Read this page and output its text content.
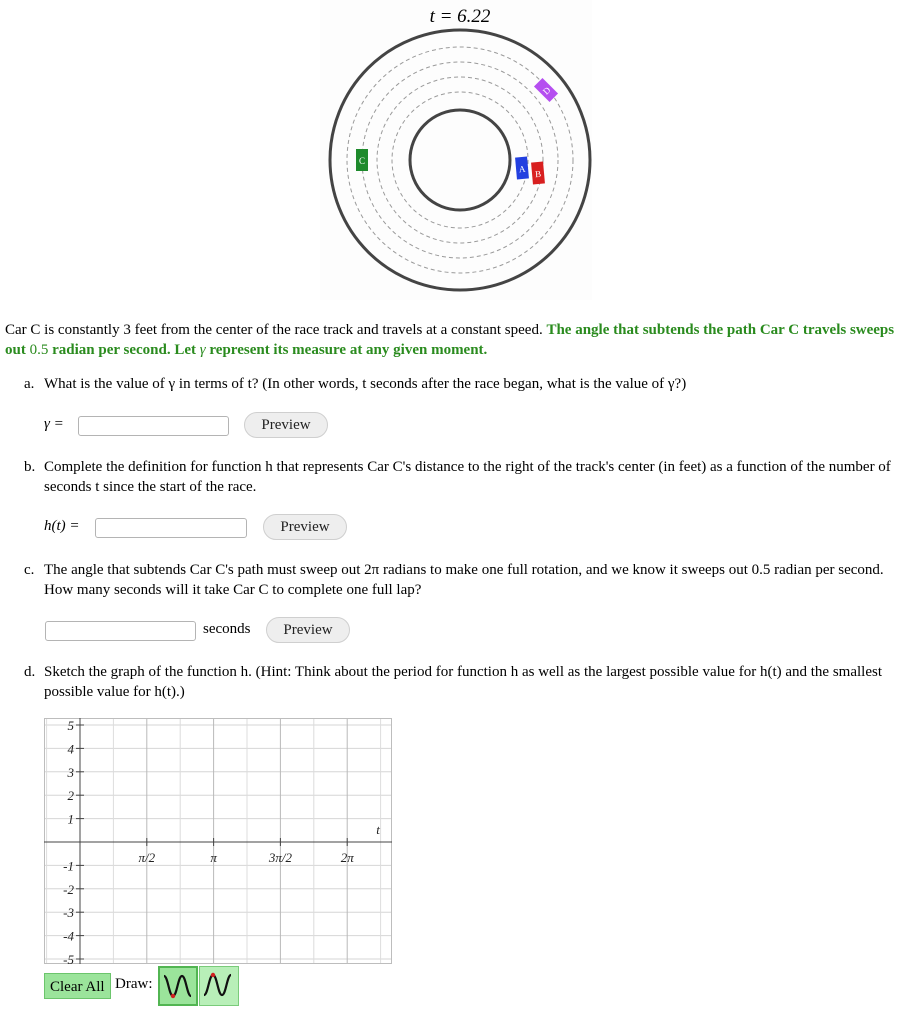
t = 6.22
A B
C
D
Car C is constantly 3 feet from the center of the race track and travels at a constant speed. The angle that subtends the path Car C travels sweeps out 0.5 radian per second. Let γ represent its measure at any given moment.
a. What is the value of γ in terms of t? (In other words, t seconds after the race began, what is the value of γ?)
γ =	Preview
b. Complete the definition for function h that represents Car C's distance to the right of the track's center (in feet) as a function of the number of seconds t since the start of the race.
h(t) =	Preview
c. The angle that subtends Car C's path must sweep out 2π radians to make one full rotation, and we know it sweeps out 0.5 radian per second. How many seconds will it take Car C to complete one full lap?
seconds	Preview
d. Sketch the graph of the function h. (Hint: Think about the period for function h as well as the largest possible value for h(t) and the smallest possible value for h(t).)
5
4
3
2
1
-1
-2
-3
-4
-5
π/2	π	3π/2	2π
t
Clear All Draw:
